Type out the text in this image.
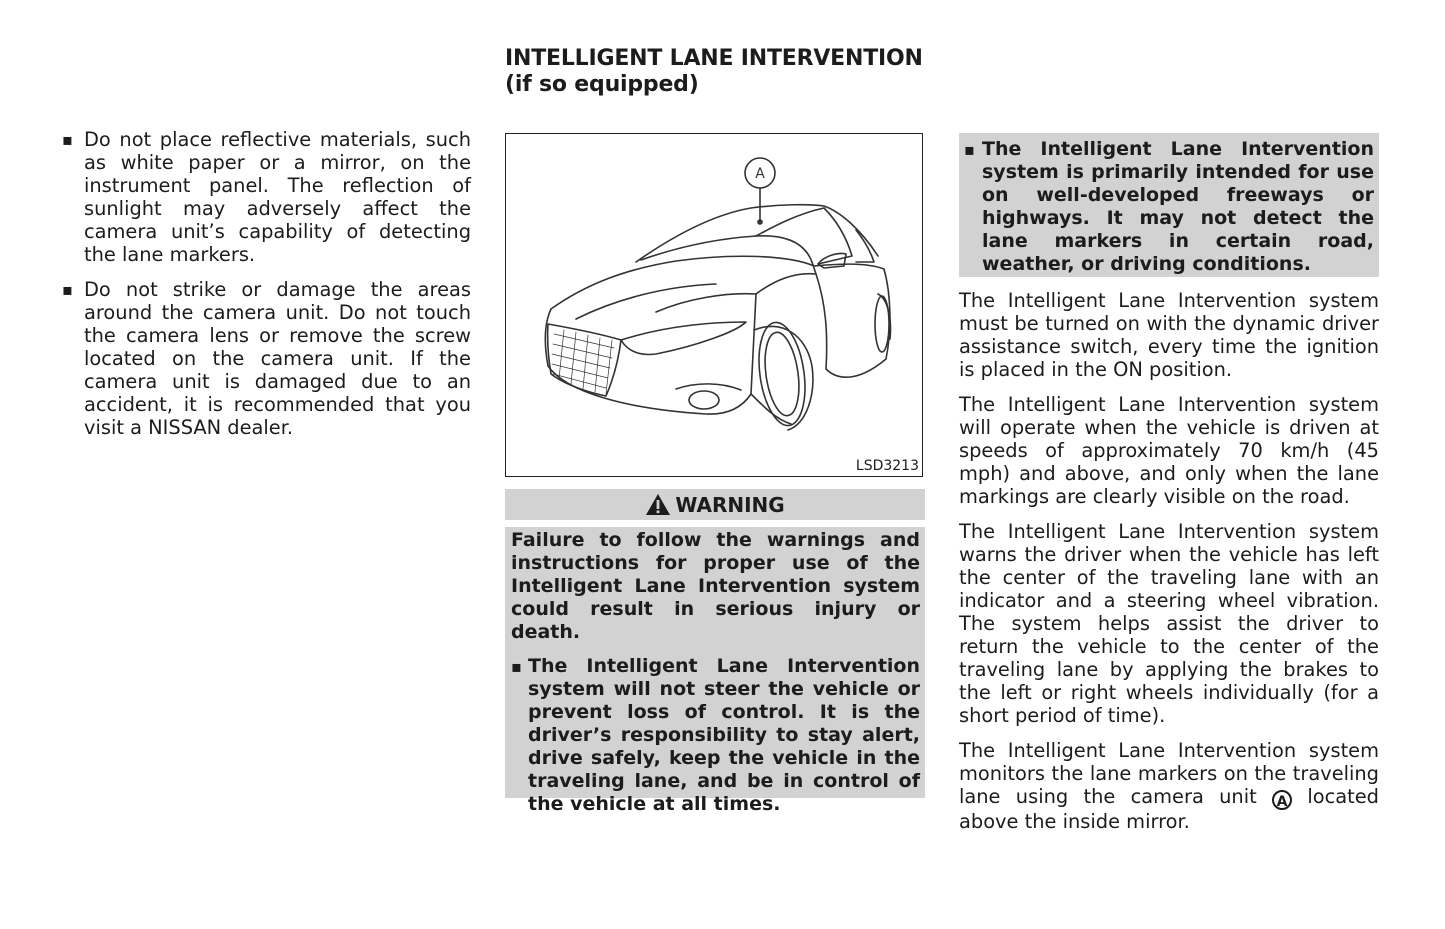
▪ Do not place reflective materials, such as white paper or a mirror, on the instrument panel. The reflection of sunlight may adversely affect the camera unit’s capability of detecting the lane markers.
▪ Do not strike or damage the areas around the camera unit. Do not touch the camera lens or remove the screw located on the camera unit. If the camera unit is damaged due to an accident, it is recommended that you visit a NISSAN dealer.
INTELLIGENT LANE INTERVENTION (if so equipped)
A
LSD3213
WARNING

Failure to follow the warnings and instructions for proper use of the Intelligent Lane Intervention system could result in serious injury or death.

▪ The Intelligent Lane Intervention system will not steer the vehicle or prevent loss of control. It is the driver’s responsibility to stay alert, drive safely, keep the vehicle in the traveling lane, and be in control of the vehicle at all times.
▪ The Intelligent Lane Intervention system is primarily intended for use on well-developed freeways or highways. It may not detect the lane markers in certain road, weather, or driving conditions.

The Intelligent Lane Intervention system must be turned on with the dynamic driver assistance switch, every time the ignition is placed in the ON position.

The Intelligent Lane Intervention system will operate when the vehicle is driven at speeds of approximately 70 km/h (45 mph) and above, and only when the lane markings are clearly visible on the road.

The Intelligent Lane Intervention system warns the driver when the vehicle has left the center of the traveling lane with an indicator and a steering wheel vibration. The system helps assist the driver to return the vehicle to the center of the traveling lane by applying the brakes to the left or right wheels individually (for a short period of time).

The Intelligent Lane Intervention system monitors the lane markers on the traveling lane using the camera unit A located above the inside mirror.
